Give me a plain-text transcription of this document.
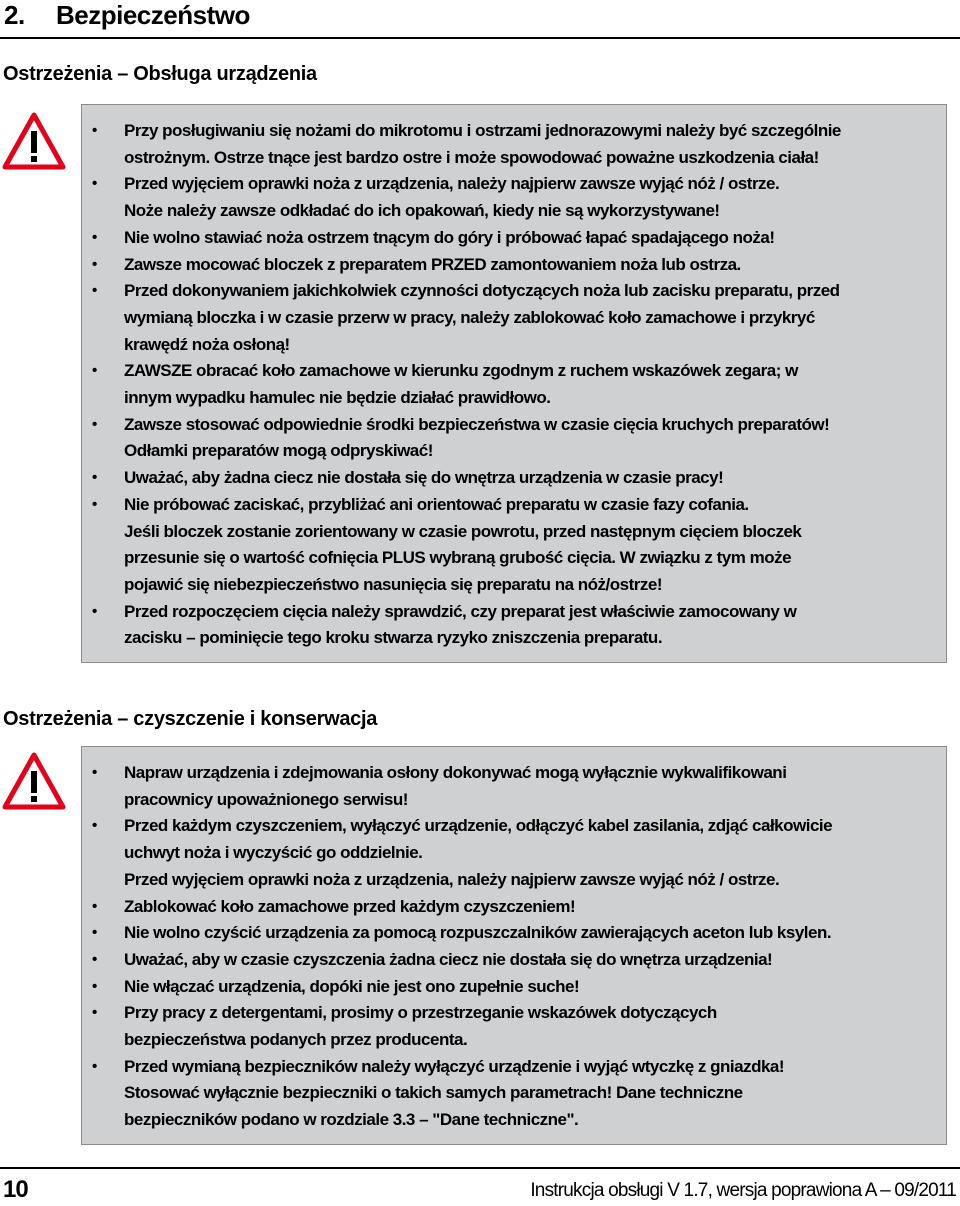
2. Bezpieczeństwo
Ostrzeżenia – Obsługa urządzenia
• Przy posługiwaniu się nożami do mikrotomu i ostrzami jednorazowymi należy być szczególnie
ostrożnym. Ostrze tnące jest bardzo ostre i może spowodować poważne uszkodzenia ciała!
• Przed wyjęciem oprawki noża z urządzenia, należy najpierw zawsze wyjąć nóż / ostrze.
Noże należy zawsze odkładać do ich opakowań, kiedy nie są wykorzystywane!
• Nie wolno stawiać noża ostrzem tnącym do góry i próbować łapać spadającego noża!
• Zawsze mocować bloczek z preparatem PRZED zamontowaniem noża lub ostrza.
• Przed dokonywaniem jakichkolwiek czynności dotyczących noża lub zacisku preparatu, przed
wymianą bloczka i w czasie przerw w pracy, należy zablokować koło zamachowe i przykryć
krawędź noża osłoną!
• ZAWSZE obracać koło zamachowe w kierunku zgodnym z ruchem wskazówek zegara; w
innym wypadku hamulec nie będzie działać prawidłowo.
• Zawsze stosować odpowiednie środki bezpieczeństwa w czasie cięcia kruchych preparatów!
Odłamki preparatów mogą odpryskiwać!
• Uważać, aby żadna ciecz nie dostała się do wnętrza urządzenia w czasie pracy!
• Nie próbować zaciskać, przybliżać ani orientować preparatu w czasie fazy cofania.
Jeśli bloczek zostanie zorientowany w czasie powrotu, przed następnym cięciem bloczek
przesunie się o wartość cofnięcia PLUS wybraną grubość cięcia. W związku z tym może
pojawić się niebezpieczeństwo nasunięcia się preparatu na nóż/ostrze!
• Przed rozpoczęciem cięcia należy sprawdzić, czy preparat jest właściwie zamocowany w
zacisku – pominięcie tego kroku stwarza ryzyko zniszczenia preparatu.
Ostrzeżenia – czyszczenie i konserwacja
• Napraw urządzenia i zdejmowania osłony dokonywać mogą wyłącznie wykwalifikowani
pracownicy upoważnionego serwisu!
• Przed każdym czyszczeniem, wyłączyć urządzenie, odłączyć kabel zasilania, zdjąć całkowicie
uchwyt noża i wyczyścić go oddzielnie.
Przed wyjęciem oprawki noża z urządzenia, należy najpierw zawsze wyjąć nóż / ostrze.
• Zablokować koło zamachowe przed każdym czyszczeniem!
• Nie wolno czyścić urządzenia za pomocą rozpuszczalników zawierających aceton lub ksylen.
• Uważać, aby w czasie czyszczenia żadna ciecz nie dostała się do wnętrza urządzenia!
• Nie włączać urządzenia, dopóki nie jest ono zupełnie suche!
• Przy pracy z detergentami, prosimy o przestrzeganie wskazówek dotyczących
bezpieczeństwa podanych przez producenta.
• Przed wymianą bezpieczników należy wyłączyć urządzenie i wyjąć wtyczkę z gniazdka!
Stosować wyłącznie bezpieczniki o takich samych parametrach! Dane techniczne
bezpieczników podano w rozdziale 3.3 – "Dane techniczne".
10	Instrukcja obsługi V 1.7, wersja poprawiona A – 09/2011
